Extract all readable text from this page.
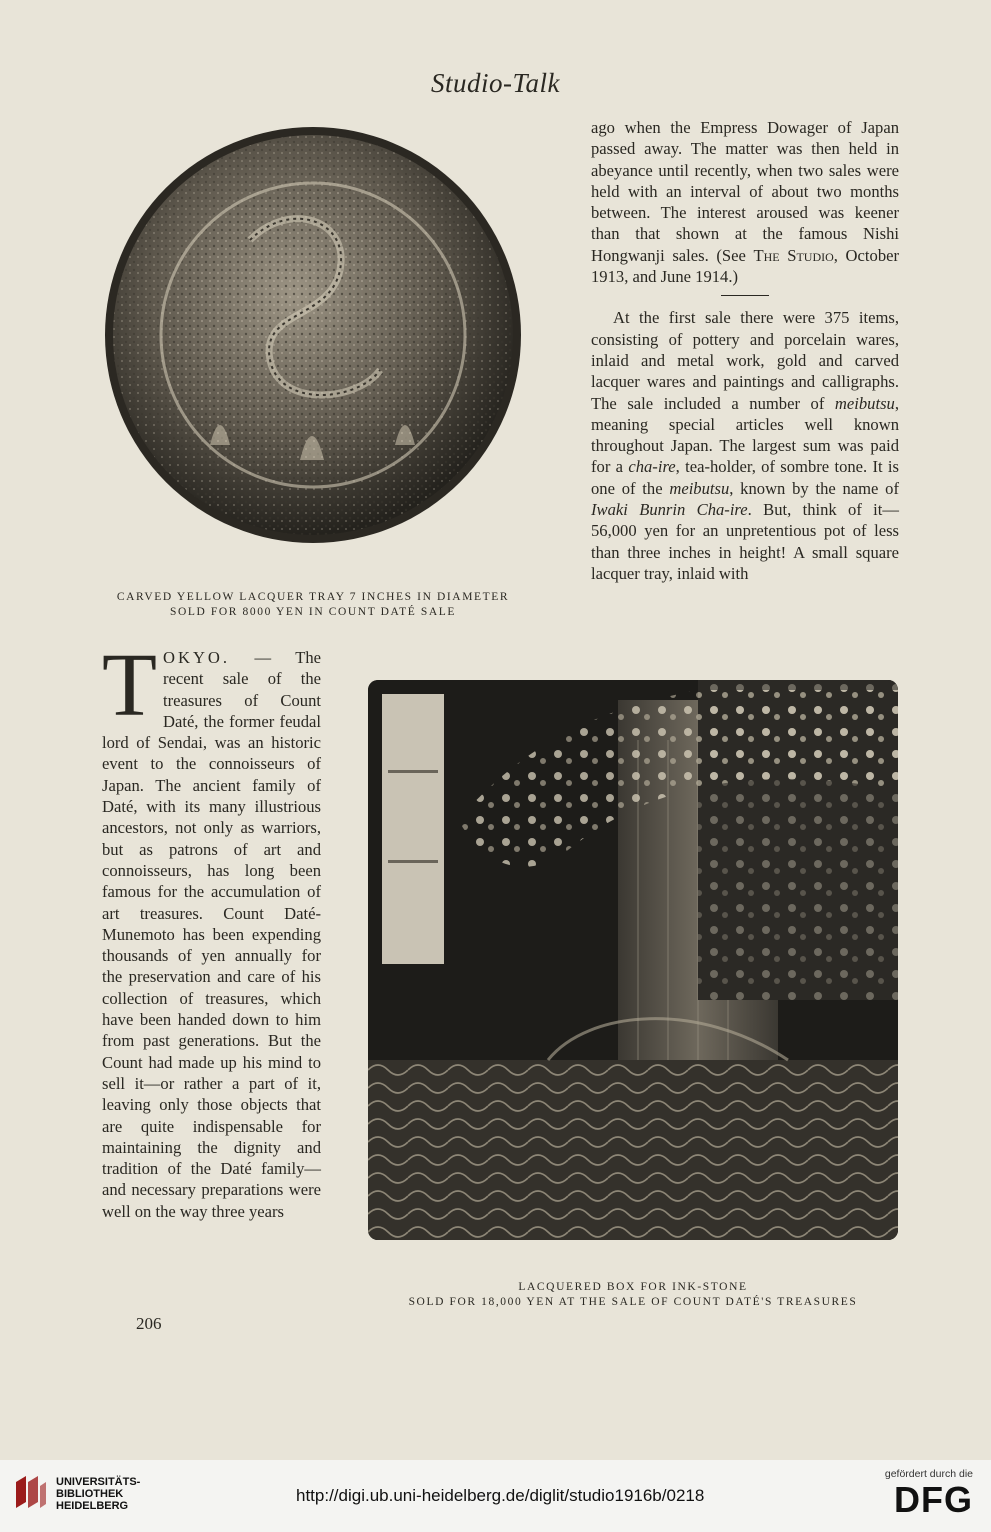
Studio-Talk
CARVED YELLOW LACQUER TRAY 7 INCHES IN DIAMETER
SOLD FOR 8000 YEN IN COUNT DATÉ SALE

ago when the Empress Dowager of Japan passed away. The matter was then held in abeyance until recently, when two sales were held with an interval of about two months between. The interest aroused was keener than that shown at the famous Nishi Hongwanji sales. (See The Studio, October 1913, and June 1914.)

At the first sale there were 375 items, consisting of pottery and porcelain wares, inlaid and metal work, gold and carved lacquer wares and paintings and calligraphs. The sale included a number of meibutsu, meaning special articles well known throughout Japan. The largest sum was paid for a cha-ire, tea-holder, of sombre tone. It is one of the meibutsu, known by the name of Iwaki Bunrin Cha-ire. But, think of it—56,000 yen for an unpretentious pot of less than three inches in height! A small square lacquer tray, inlaid with

TOKYO. — The recent sale of the treasures of Count Daté, the former feudal lord of Sendai, was an historic event to the connoisseurs of Japan. The ancient family of Daté, with its many illustrious ancestors, not only as warriors, but as patrons of art and connoisseurs, has long been famous for the accumulation of art treasures. Count Daté-Munemoto has been expending thousands of yen annually for the preservation and care of his collection of treasures, which have been handed down to him from past generations. But the Count had made up his mind to sell it—or rather a part of it, leaving only those objects that are quite indispensable for maintaining the dignity and tradition of the Daté family—and necessary preparations were well on the way three years

LACQUERED BOX FOR INK-STONE
SOLD FOR 18,000 YEN AT THE SALE OF COUNT DATÉ'S TREASURES
206
UNIVERSITÄTS-
BIBLIOTHEK
HEIDELBERG
http://digi.ub.uni-heidelberg.de/diglit/studio1916b/0218
gefördert durch die
DFG
